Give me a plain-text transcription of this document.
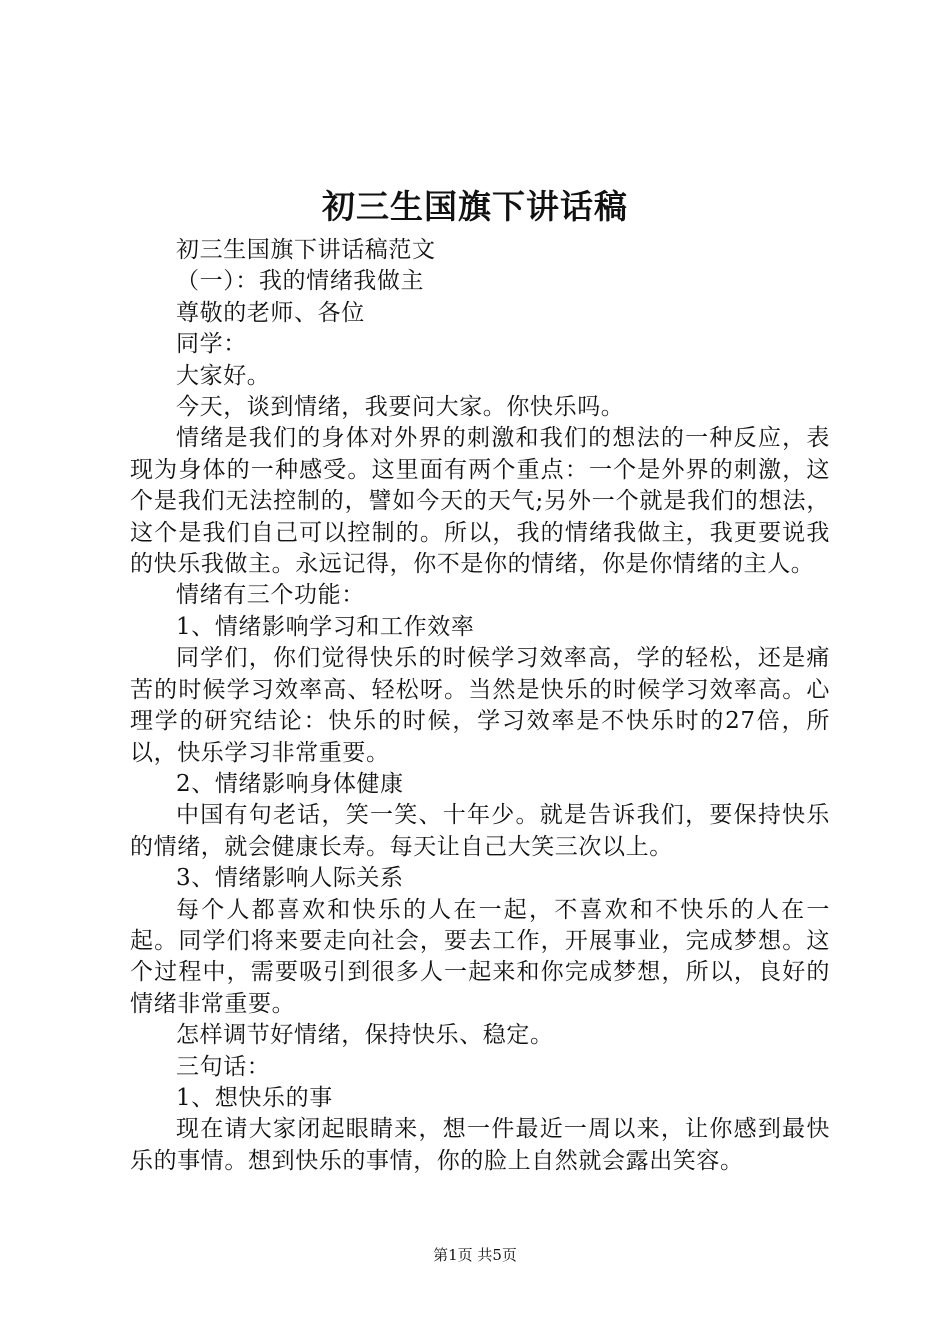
初三生国旗下讲话稿

初三生国旗下讲话稿范文

（一）：我的情绪我做主

尊敬的老师、各位

同学：

大家好。

今天，谈到情绪，我要问大家。你快乐吗。

情绪是我们的身体对外界的刺激和我们的想法的一种反应，表现为身体的一种感受。这里面有两个重点：一个是外界的刺激，这个是我们无法控制的，譬如今天的天气;另外一个就是我们的想法，这个是我们自己可以控制的。所以，我的情绪我做主，我更要说我的快乐我做主。永远记得，你不是你的情绪，你是你情绪的主人。

情绪有三个功能：

1、情绪影响学习和工作效率

同学们，你们觉得快乐的时候学习效率高，学的轻松，还是痛苦的时候学习效率高、轻松呀。当然是快乐的时候学习效率高。心理学的研究结论：快乐的时候，学习效率是不快乐时的27倍，所以，快乐学习非常重要。

2、情绪影响身体健康

中国有句老话，笑一笑、十年少。就是告诉我们，要保持快乐的情绪，就会健康长寿。每天让自己大笑三次以上。

3、情绪影响人际关系

每个人都喜欢和快乐的人在一起，不喜欢和不快乐的人在一起。同学们将来要走向社会，要去工作，开展事业，完成梦想。这个过程中，需要吸引到很多人一起来和你完成梦想，所以，良好的情绪非常重要。

怎样调节好情绪，保持快乐、稳定。

三句话：

1、想快乐的事

现在请大家闭起眼睛来，想一件最近一周以来，让你感到最快乐的事情。想到快乐的事情，你的脸上自然就会露出笑容。

第1页 共5页
